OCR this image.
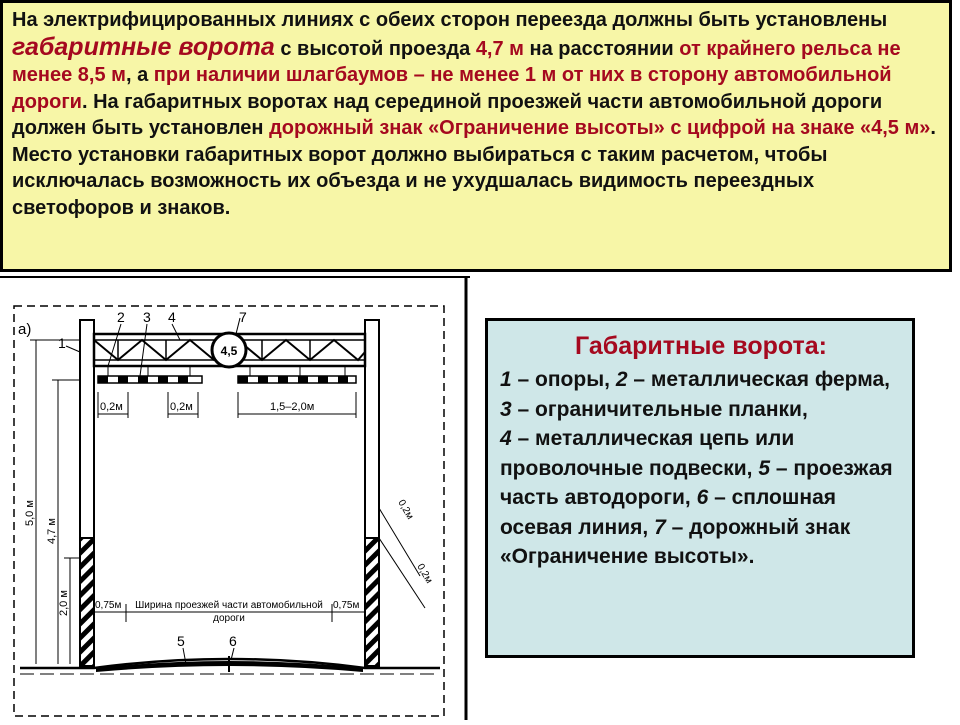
На электрифицированных линиях с обеих сторон переезда должны быть установлены габаритные ворота с высотой проезда 4,7 м на расстоянии от крайнего рельса не менее 8,5 м, а при наличии шлагбаумов – не менее 1 м от них в сторону автомобильной дороги. На габаритных воротах над серединой проезжей части автомобильной дороги должен быть установлен дорожный знак «Ограничение высоты» с цифрой на знаке «4,5 м». Место установки габаритных ворот должно выбираться с таким расчетом, чтобы исключалась возможность их объезда и не ухудшалась видимость переездных светофоров и знаков.
а)
4,5
1
2 3 4	7
0,2м	0,2м	1,5–2,0м
5,0 м
4,7 м
2,0 м	0,75м	0,75м
Ширина проезжей части автомобильной
дороги
0,2м
0,2м
5	6
Габаритные ворота:
1 – опоры, 2 – металлическая ферма, 3 – ограничительные планки,
4 – металлическая цепь или проволочные подвески, 5 – проезжая часть автодороги, 6 – сплошная осевая линия, 7 – дорожный знак «Ограничение высоты».
